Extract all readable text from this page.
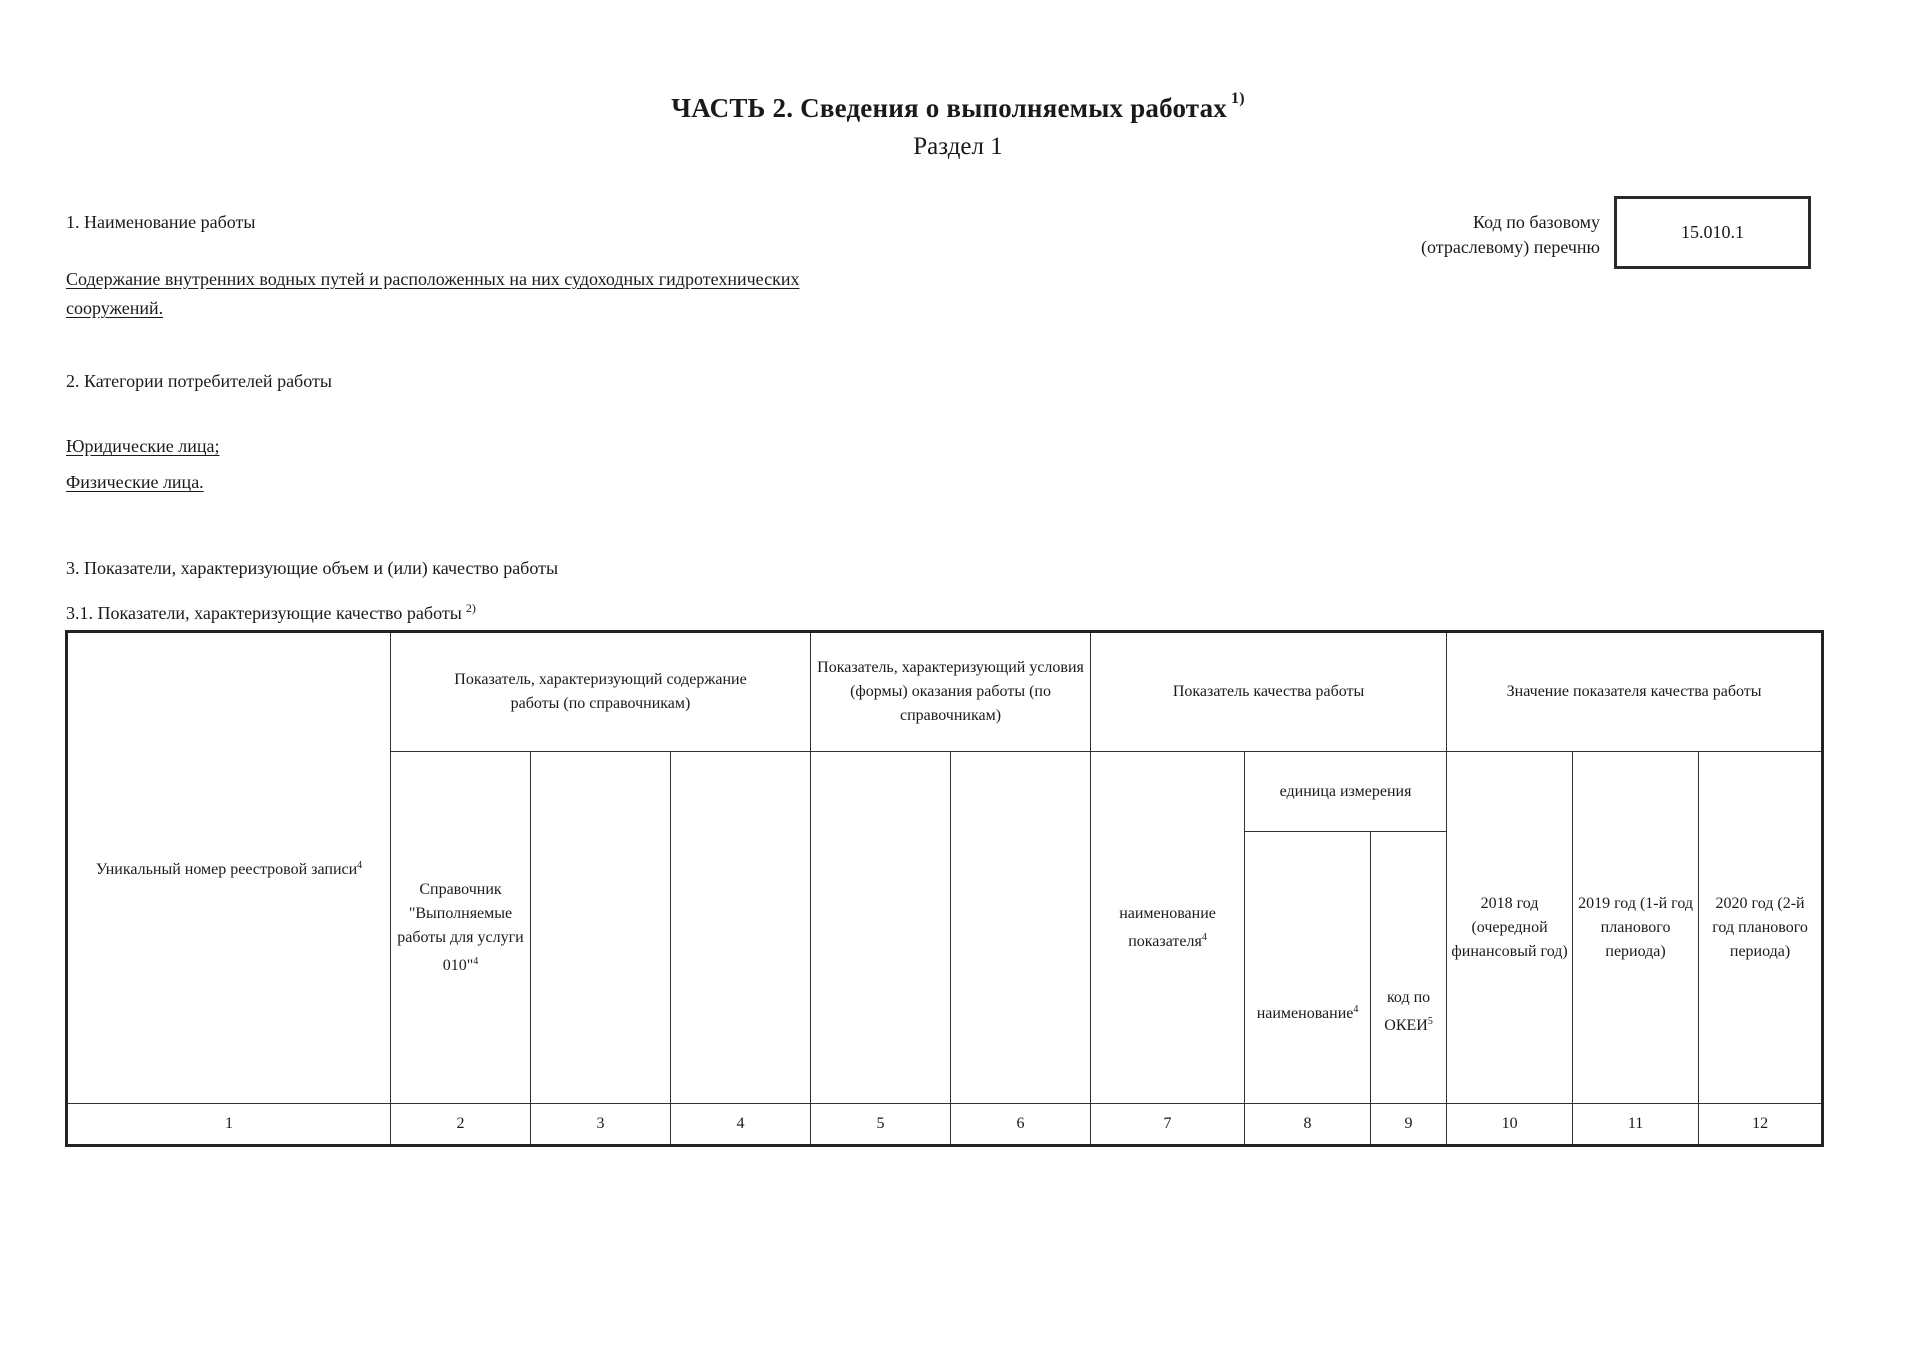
ЧАСТЬ 2. Сведения о выполняемых работах $^{1)}$
Раздел 1
1. Наименование работы
Содержание внутренних водных путей и расположенных на них судоходных гидротехнических
сооружений.
Код по базовому
(отраслевому) перечню
15.010.1
2. Категории потребителей работы
Юридические лица;
Физические лица.
3. Показатели, характеризующие объем и (или) качество работы
3.1. Показатели, характеризующие качество работы $^{2)}$
Уникальный номер реестровой записи$^4$	Показатель, характеризующий содержание работы (по справочникам)			Показатель, характеризующий условия (формы) оказания работы (по справочникам)		Показатель качества работы			Значение показателя качества работы		
	Справочник "Выполняемые работы для услуги 010"$^4$					наименование показателя$^4$	единица измерения		2018 год (очередной финансовый год)	2019 год (1-й год планового периода)	2020 год (2-й год планового периода)
							наименование$^4$	код по ОКЕИ$^5$
1	2	3	4	5	6	7	8	9	10	11	12
